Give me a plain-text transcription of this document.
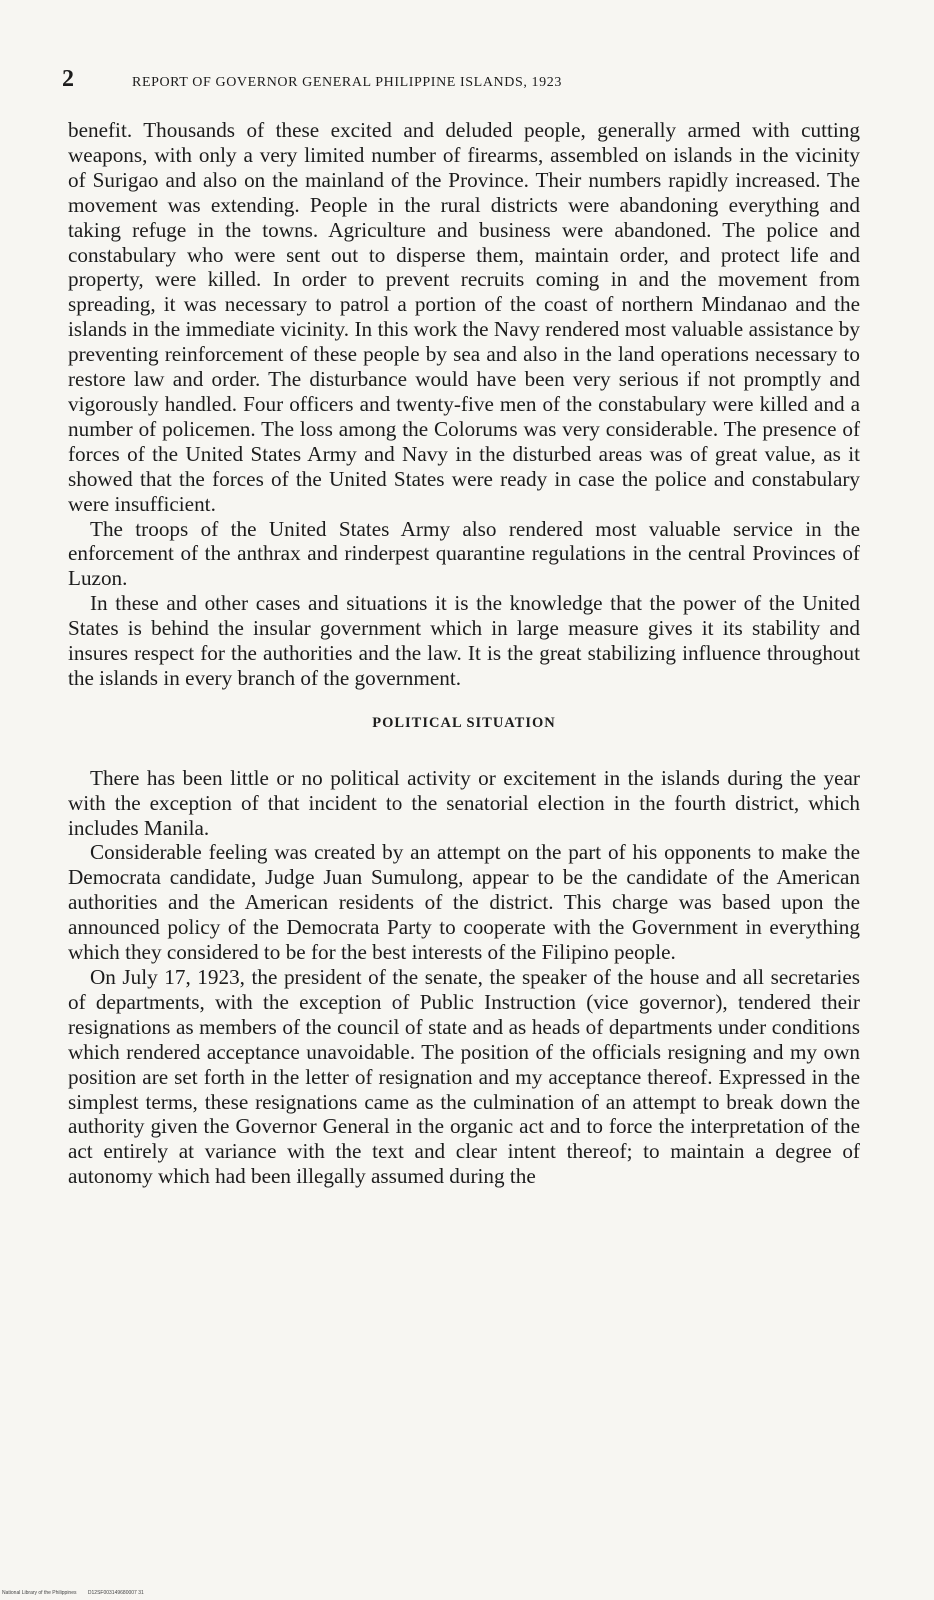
2	REPORT OF GOVERNOR GENERAL PHILIPPINE ISLANDS, 1923

benefit. Thousands of these excited and deluded people, generally armed with cutting weapons, with only a very limited number of firearms, assembled on islands in the vicinity of Surigao and also on the mainland of the Province. Their numbers rapidly increased. The movement was extending. People in the rural districts were abandoning everything and taking refuge in the towns. Agriculture and business were abandoned. The police and constabulary who were sent out to disperse them, maintain order, and protect life and property, were killed. In order to prevent recruits coming in and the movement from spreading, it was necessary to patrol a portion of the coast of northern Mindanao and the islands in the immediate vicinity. In this work the Navy rendered most valuable assistance by preventing reinforcement of these people by sea and also in the land operations necessary to restore law and order. The disturbance would have been very serious if not promptly and vigorously handled. Four officers and twenty-five men of the constabulary were killed and a number of policemen. The loss among the Colorums was very considerable. The presence of forces of the United States Army and Navy in the disturbed areas was of great value, as it showed that the forces of the United States were ready in case the police and constabulary were insufficient.

The troops of the United States Army also rendered most valuable service in the enforcement of the anthrax and rinderpest quarantine regulations in the central Provinces of Luzon.

In these and other cases and situations it is the knowledge that the power of the United States is behind the insular government which in large measure gives it its stability and insures respect for the authorities and the law. It is the great stabilizing influence throughout the islands in every branch of the government.

POLITICAL SITUATION

There has been little or no political activity or excitement in the islands during the year with the exception of that incident to the senatorial election in the fourth district, which includes Manila.

Considerable feeling was created by an attempt on the part of his opponents to make the Democrata candidate, Judge Juan Sumulong, appear to be the candidate of the American authorities and the American residents of the district. This charge was based upon the announced policy of the Democrata Party to cooperate with the Government in everything which they considered to be for the best interests of the Filipino people.

On July 17, 1923, the president of the senate, the speaker of the house and all secretaries of departments, with the exception of Public Instruction (vice governor), tendered their resignations as members of the council of state and as heads of departments under conditions which rendered acceptance unavoidable. The position of the officials resigning and my own position are set forth in the letter of resignation and my acceptance thereof. Expressed in the simplest terms, these resignations came as the culmination of an attempt to break down the authority given the Governor General in the organic act and to force the interpretation of the act entirely at variance with the text and clear intent thereof; to maintain a degree of autonomy which had been illegally assumed during the

National Library of the Philippines D12SF003149680007 31
